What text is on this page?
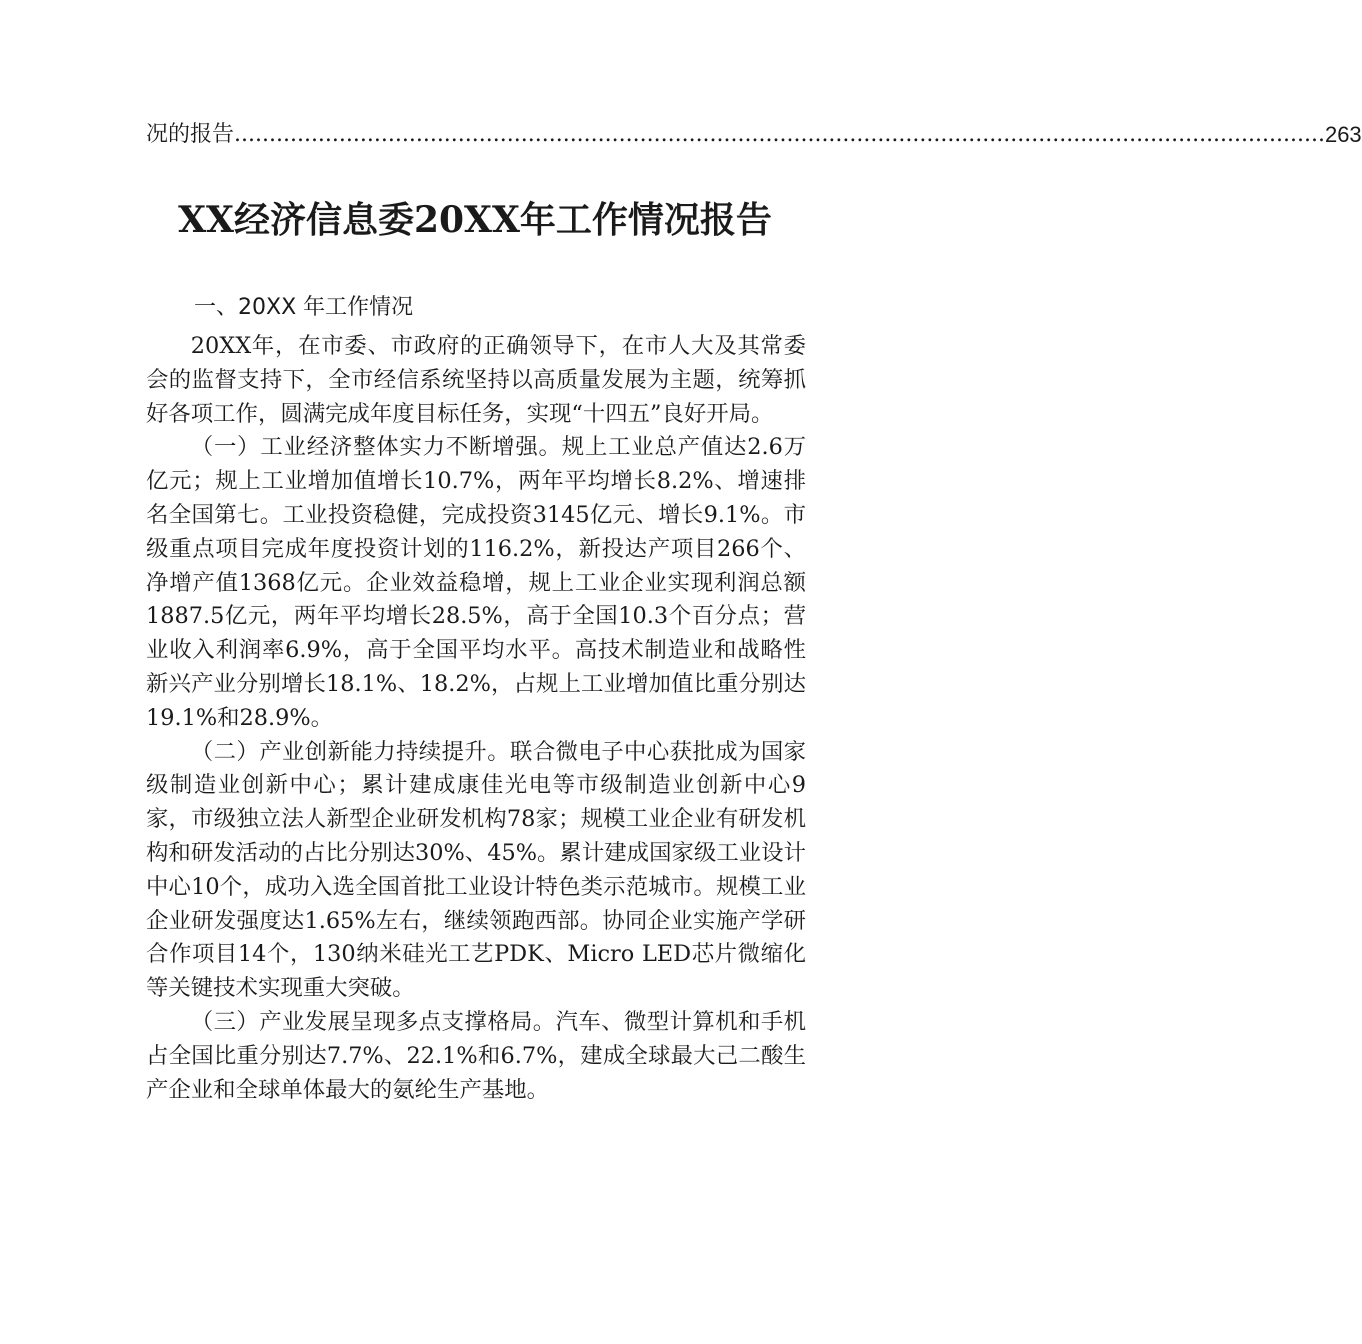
况的报告 ............................................................................................................................................................ 263
XX经济信息委20XX年工作情况报告
一、20XX 年工作情况

20XX年，在市委、市政府的正确领导下，在市人大及其常委会的监督支持下，全市经信系统坚持以高质量发展为主题，统筹抓好各项工作，圆满完成年度目标任务，实现“十四五”良好开局。

（一）工业经济整体实力不断增强。规上工业总产值达2.6万亿元；规上工业增加值增长10.7%，两年平均增长8.2%、增速排名全国第七。工业投资稳健，完成投资3145亿元、增长9.1%。市级重点项目完成年度投资计划的116.2%，新投达产项目266个、净增产值1368亿元。企业效益稳增，规上工业企业实现利润总额1887.5亿元，两年平均增长28.5%，高于全国10.3个百分点；营业收入利润率6.9%，高于全国平均水平。高技术制造业和战略性新兴产业分别增长18.1%、18.2%，占规上工业增加值比重分别达19.1%和28.9%。

（二）产业创新能力持续提升。联合微电子中心获批成为国家级制造业创新中心；累计建成康佳光电等市级制造业创新中心9家，市级独立法人新型企业研发机构78家；规模工业企业有研发机构和研发活动的占比分别达30%、45%。累计建成国家级工业设计中心10个，成功入选全国首批工业设计特色类示范城市。规模工业企业研发强度达1.65%左右，继续领跑西部。协同企业实施产学研合作项目14个，130纳米硅光工艺PDK、Micro LED芯片微缩化等关键技术实现重大突破。

（三）产业发展呈现多点支撑格局。汽车、微型计算机和手机占全国比重分别达7.7%、22.1%和6.7%，建成全球最大己二酸生产企业和全球单体最大的氨纶生产基地。
